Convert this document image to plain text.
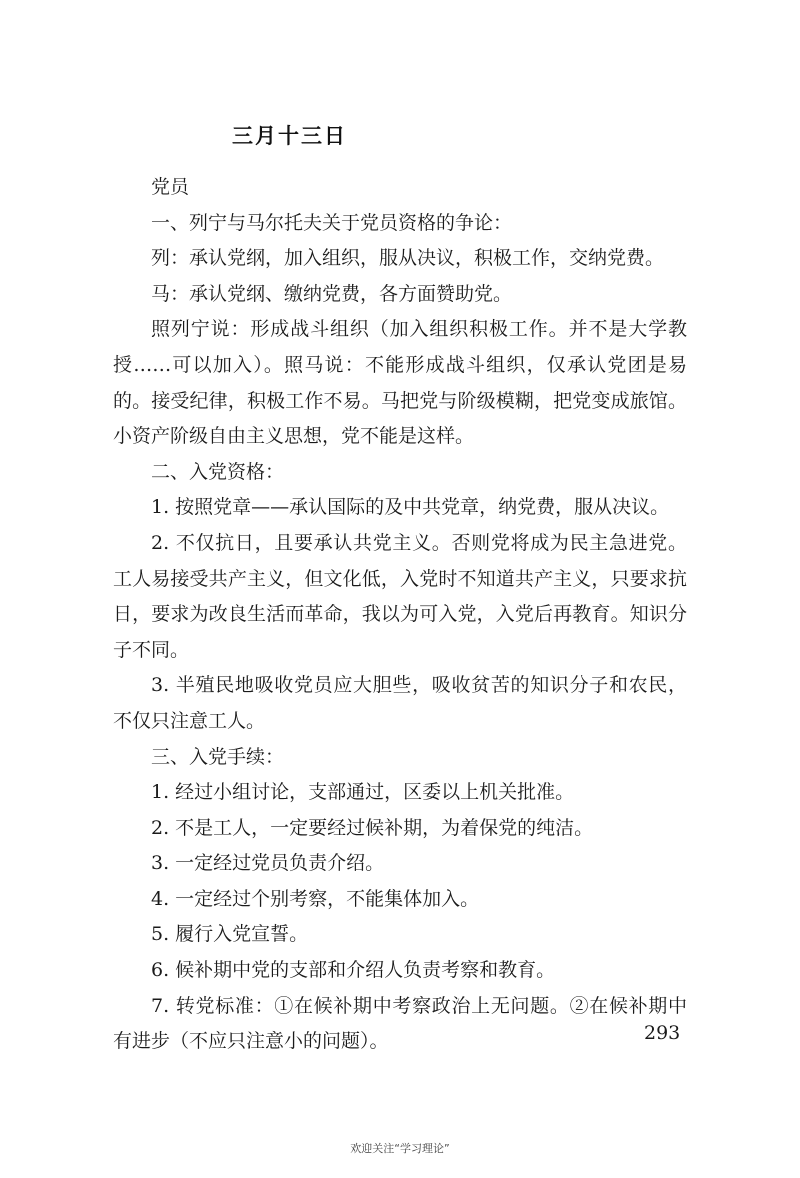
三月十三日

党员

一、列宁与马尔托夫关于党员资格的争论：

列：承认党纲，加入组织，服从决议，积极工作，交纳党费。

马：承认党纲、缴纳党费，各方面赞助党。

照列宁说：形成战斗组织（加入组织积极工作。并不是大学教授……可以加入）。照马说：不能形成战斗组织，仅承认党团是易的。接受纪律，积极工作不易。马把党与阶级模糊，把党变成旅馆。小资产阶级自由主义思想，党不能是这样。

二、入党资格：

1. 按照党章——承认国际的及中共党章，纳党费，服从决议。

2. 不仅抗日，且要承认共党主义。否则党将成为民主急进党。工人易接受共产主义，但文化低，入党时不知道共产主义，只要求抗日，要求为改良生活而革命，我以为可入党，入党后再教育。知识分子不同。

3. 半殖民地吸收党员应大胆些，吸收贫苦的知识分子和农民，不仅只注意工人。

三、入党手续：

1. 经过小组讨论，支部通过，区委以上机关批准。

2. 不是工人，一定要经过候补期，为着保党的纯洁。

3. 一定经过党员负责介绍。

4. 一定经过个别考察，不能集体加入。

5. 履行入党宣誓。

6. 候补期中党的支部和介绍人负责考察和教育。

7. 转党标准：①在候补期中考察政治上无问题。②在候补期中有进步（不应只注意小的问题）。	293
欢迎关注“学习理论”
